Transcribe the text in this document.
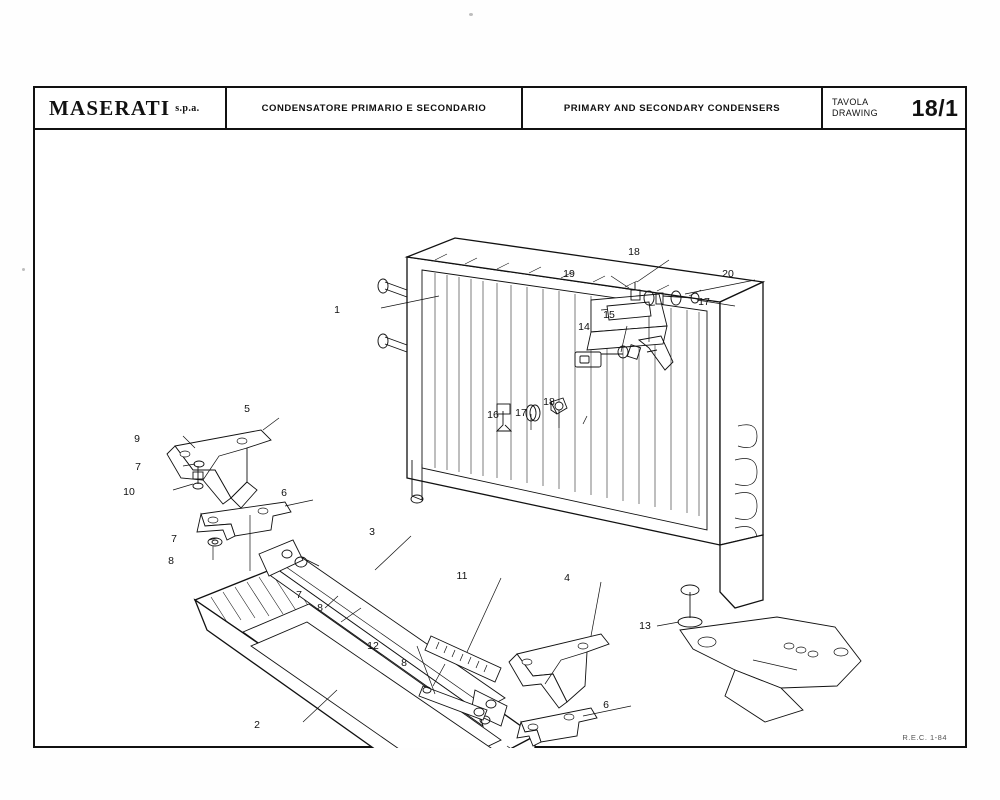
MASERATI s.p.a.	CONDENSATORE PRIMARIO E SECONDARIO	PRIMARY AND SECONDARY CONDENSERS
TAVOLA
DRAWING 18/1
1
2
3
4
5
6
6
7
7
7
8
8
8
9
10
11
12
13
14
15
16 17
17
18
18
19	20
R.E.C. 1-84
